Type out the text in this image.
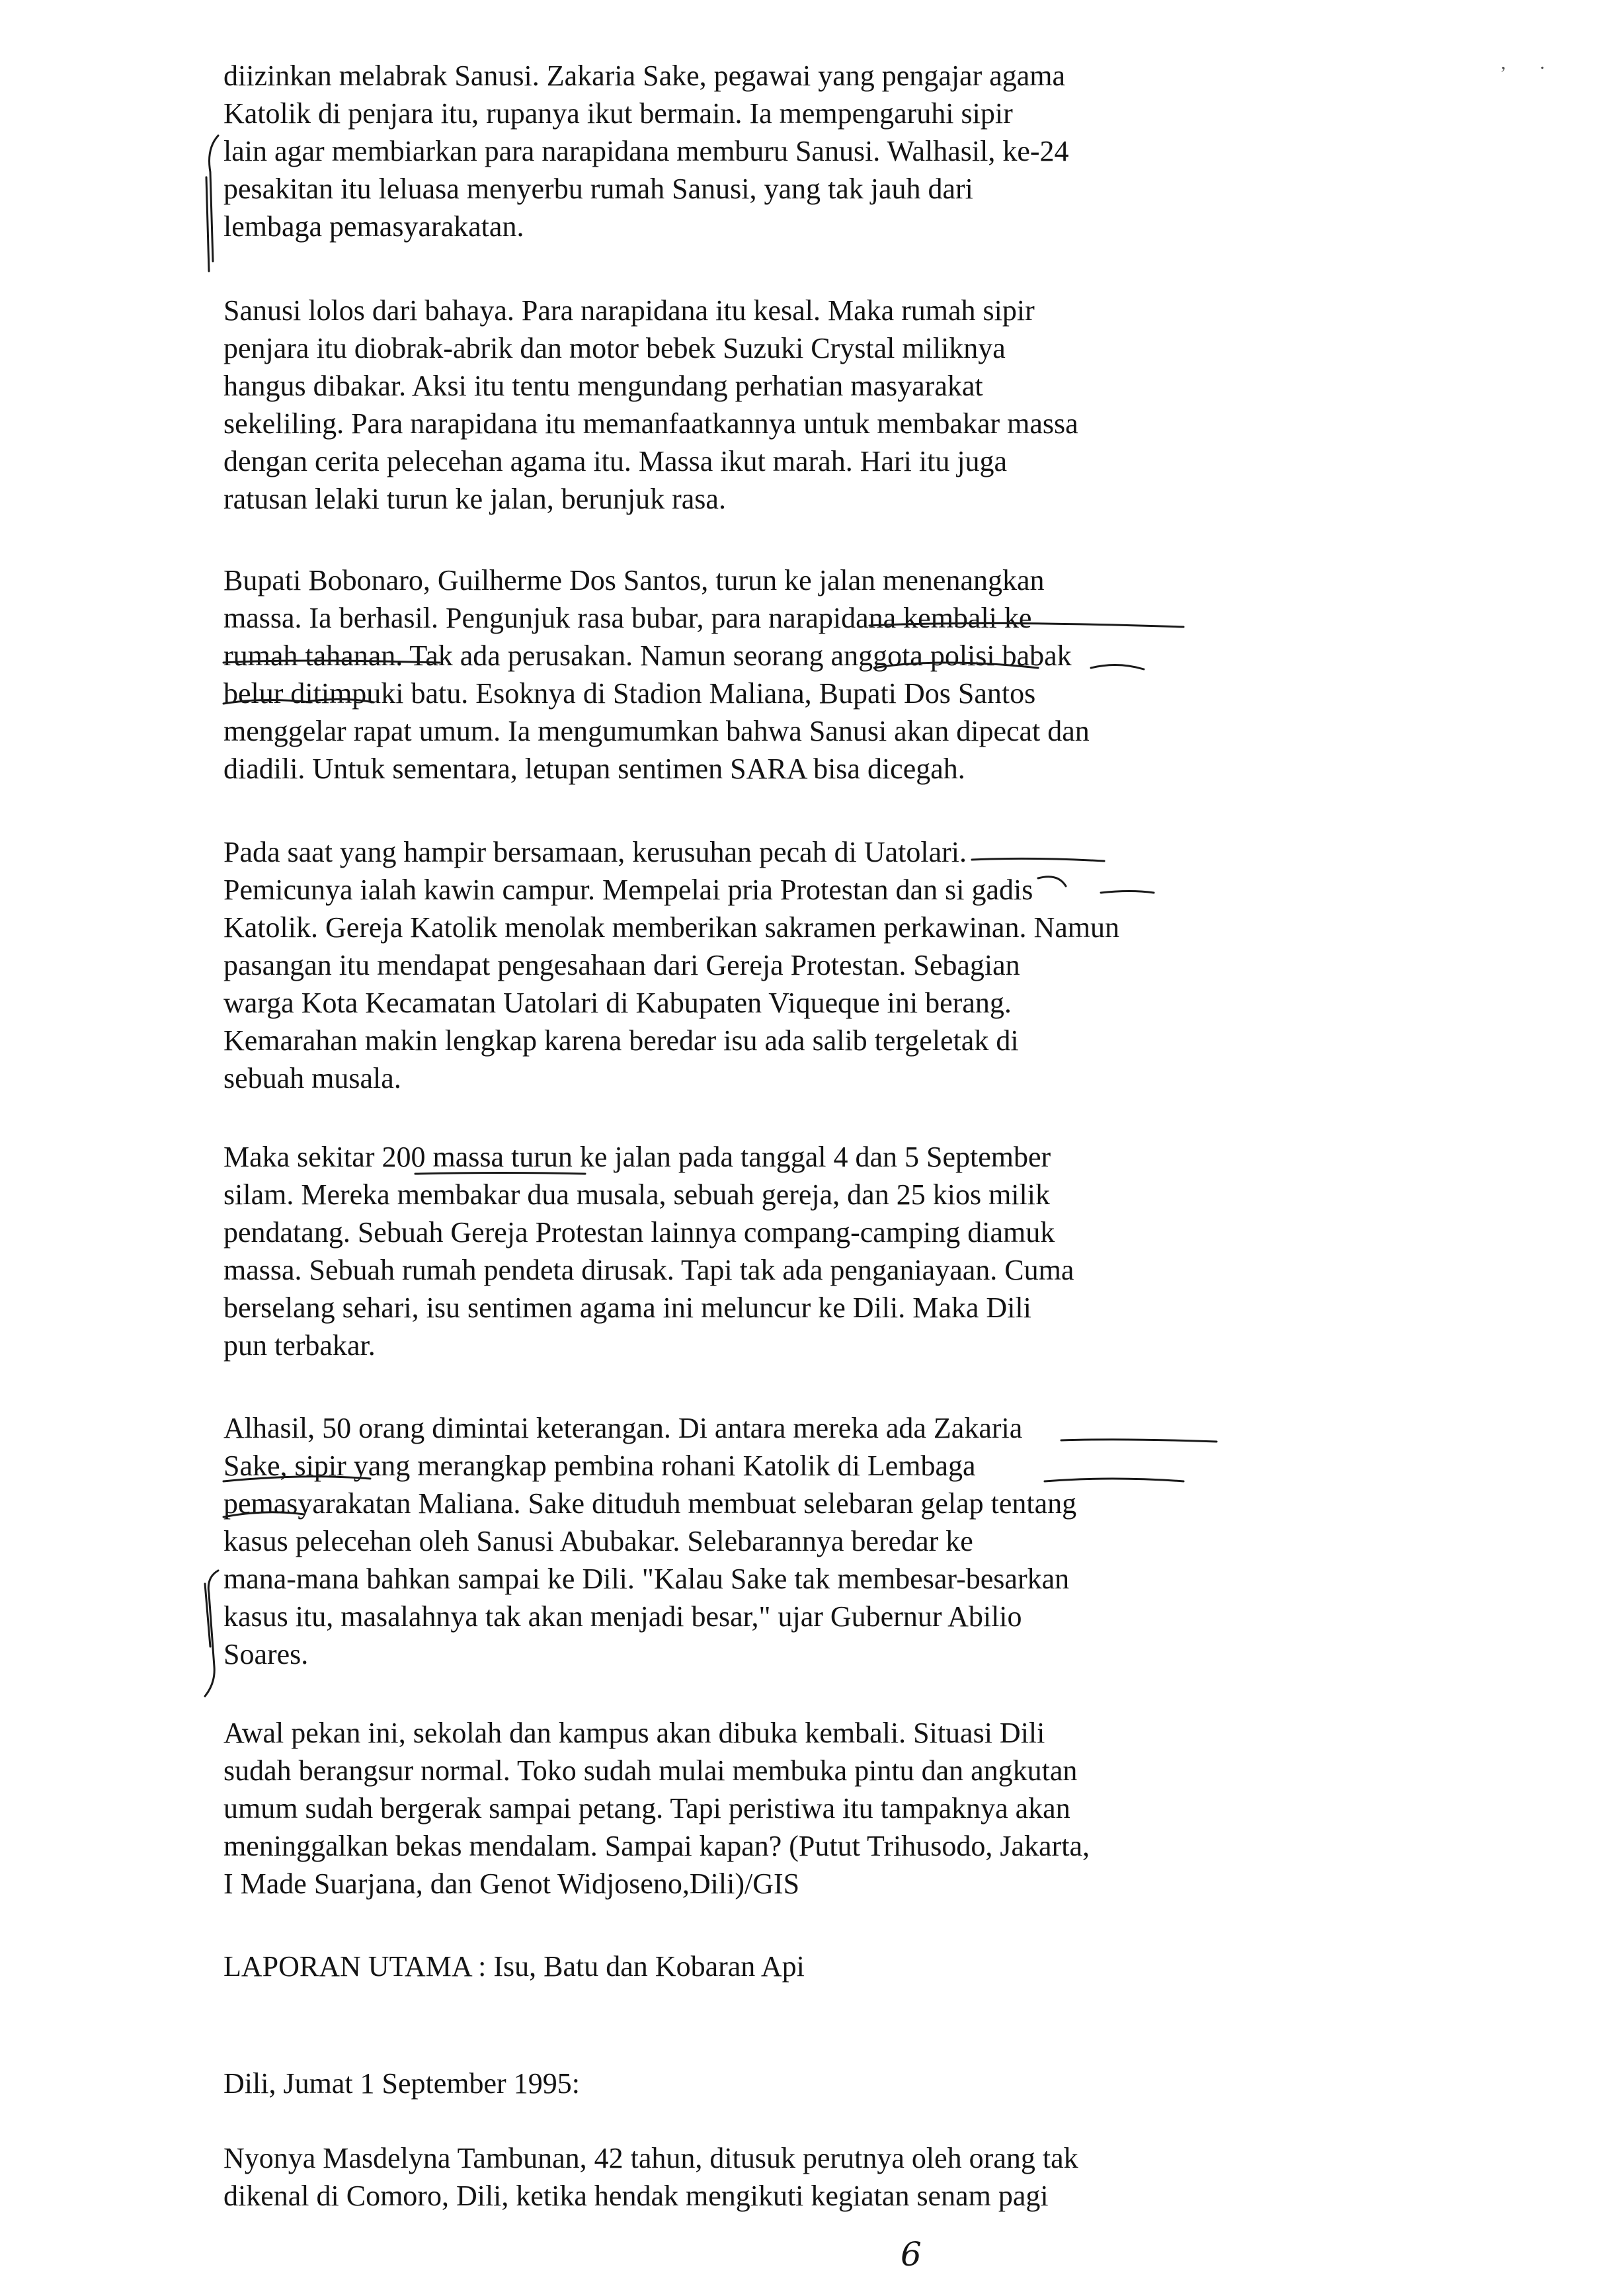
, .
diizinkan melabrak Sanusi. Zakaria Sake, pegawai yang pengajar agama
Katolik di penjara itu, rupanya ikut bermain. Ia mempengaruhi sipir
lain agar membiarkan para narapidana memburu Sanusi. Walhasil, ke-24
pesakitan itu leluasa menyerbu rumah Sanusi, yang tak jauh dari
lembaga pemasyarakatan.
Sanusi lolos dari bahaya. Para narapidana itu kesal. Maka rumah sipir
penjara itu diobrak-abrik dan motor bebek Suzuki Crystal miliknya
hangus dibakar. Aksi itu tentu mengundang perhatian masyarakat
sekeliling. Para narapidana itu memanfaatkannya untuk membakar massa
dengan cerita pelecehan agama itu. Massa ikut marah. Hari itu juga
ratusan lelaki turun ke jalan, berunjuk rasa.
Bupati Bobonaro, Guilherme Dos Santos, turun ke jalan menenangkan
massa. Ia berhasil. Pengunjuk rasa bubar, para narapidana kembali ke
rumah tahanan. Tak ada perusakan. Namun seorang anggota polisi babak
belur ditimpuki batu. Esoknya di Stadion Maliana, Bupati Dos Santos
menggelar rapat umum. Ia mengumumkan bahwa Sanusi akan dipecat dan
diadili. Untuk sementara, letupan sentimen SARA bisa dicegah.
Pada saat yang hampir bersamaan, kerusuhan pecah di Uatolari.
Pemicunya ialah kawin campur. Mempelai pria Protestan dan si gadis
Katolik. Gereja Katolik menolak memberikan sakramen perkawinan. Namun
pasangan itu mendapat pengesahaan dari Gereja Protestan. Sebagian
warga Kota Kecamatan Uatolari di Kabupaten Viqueque ini berang.
Kemarahan makin lengkap karena beredar isu ada salib tergeletak di
sebuah musala.
Maka sekitar 200 massa turun ke jalan pada tanggal 4 dan 5 September
silam. Mereka membakar dua musala, sebuah gereja, dan 25 kios milik
pendatang. Sebuah Gereja Protestan lainnya compang-camping diamuk
massa. Sebuah rumah pendeta dirusak. Tapi tak ada penganiayaan. Cuma
berselang sehari, isu sentimen agama ini meluncur ke Dili. Maka Dili
pun terbakar.
Alhasil, 50 orang dimintai keterangan. Di antara mereka ada Zakaria
Sake, sipir yang merangkap pembina rohani Katolik di Lembaga
pemasyarakatan Maliana. Sake dituduh membuat selebaran gelap tentang
kasus pelecehan oleh Sanusi Abubakar. Selebarannya beredar ke
mana-mana bahkan sampai ke Dili. "Kalau Sake tak membesar-besarkan
kasus itu, masalahnya tak akan menjadi besar," ujar Gubernur Abilio
Soares.
Awal pekan ini, sekolah dan kampus akan dibuka kembali. Situasi Dili
sudah berangsur normal. Toko sudah mulai membuka pintu dan angkutan
umum sudah bergerak sampai petang. Tapi peristiwa itu tampaknya akan
meninggalkan bekas mendalam. Sampai kapan? (Putut Trihusodo, Jakarta,
I Made Suarjana, dan Genot Widjoseno,Dili)/GIS
LAPORAN UTAMA : Isu, Batu dan Kobaran Api
Dili, Jumat 1 September 1995:
Nyonya Masdelyna Tambunan, 42 tahun, ditusuk perutnya oleh orang tak
dikenal di Comoro, Dili, ketika hendak mengikuti kegiatan senam pagi
6
